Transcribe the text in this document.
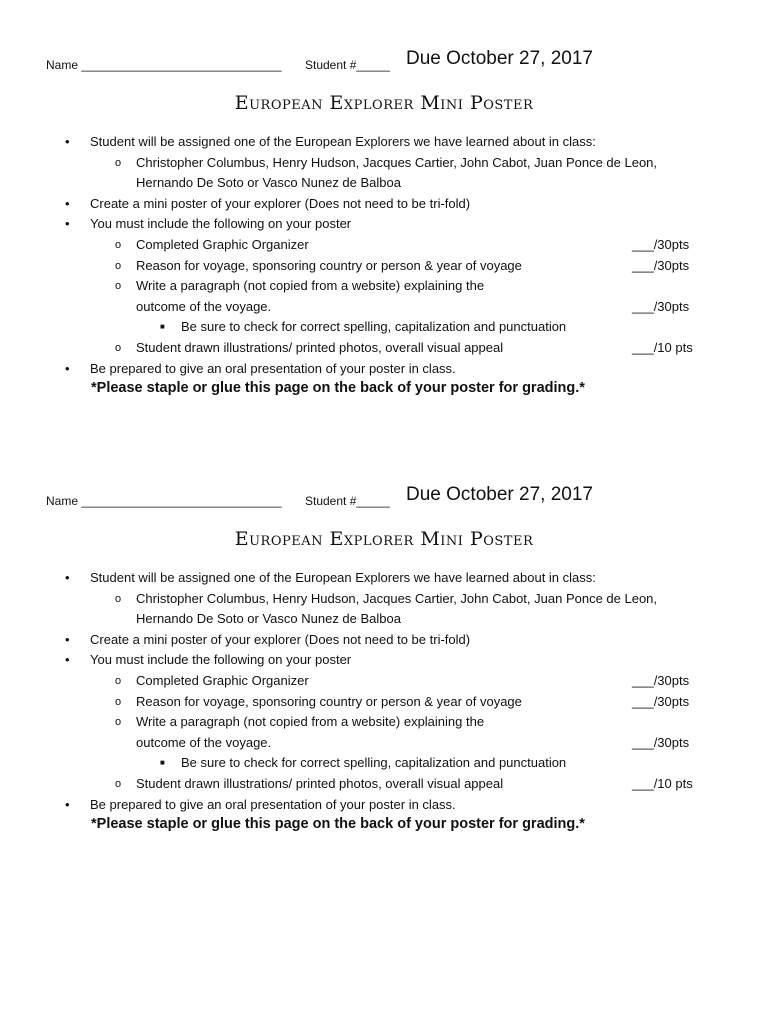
Name ______________________________ Student #_____ Due October 27, 2017
European Explorer Mini Poster
• Student will be assigned one of the European Explorers we have learned about in class:
o Christopher Columbus, Henry Hudson, Jacques Cartier, John Cabot, Juan Ponce de Leon,
Hernando De Soto or Vasco Nunez de Balboa
• Create a mini poster of your explorer (Does not need to be tri-fold)
• You must include the following on your poster
o Completed Graphic Organizer	___/30pts
o Reason for voyage, sponsoring country or person & year of voyage	___/30pts
o Write a paragraph (not copied from a website) explaining the
outcome of the voyage.	___/30pts
■ Be sure to check for correct spelling, capitalization and punctuation
o Student drawn illustrations/ printed photos, overall visual appeal	___/10 pts
• Be prepared to give an oral presentation of your poster in class.
*Please staple or glue this page on the back of your poster for grading.*
Name ______________________________ Student #_____ Due October 27, 2017
European Explorer Mini Poster
• Student will be assigned one of the European Explorers we have learned about in class:
o Christopher Columbus, Henry Hudson, Jacques Cartier, John Cabot, Juan Ponce de Leon,
Hernando De Soto or Vasco Nunez de Balboa
• Create a mini poster of your explorer (Does not need to be tri-fold)
• You must include the following on your poster
o Completed Graphic Organizer	___/30pts
o Reason for voyage, sponsoring country or person & year of voyage	___/30pts
o Write a paragraph (not copied from a website) explaining the
outcome of the voyage.	___/30pts
■ Be sure to check for correct spelling, capitalization and punctuation
o Student drawn illustrations/ printed photos, overall visual appeal	___/10 pts
• Be prepared to give an oral presentation of your poster in class.
*Please staple or glue this page on the back of your poster for grading.*
